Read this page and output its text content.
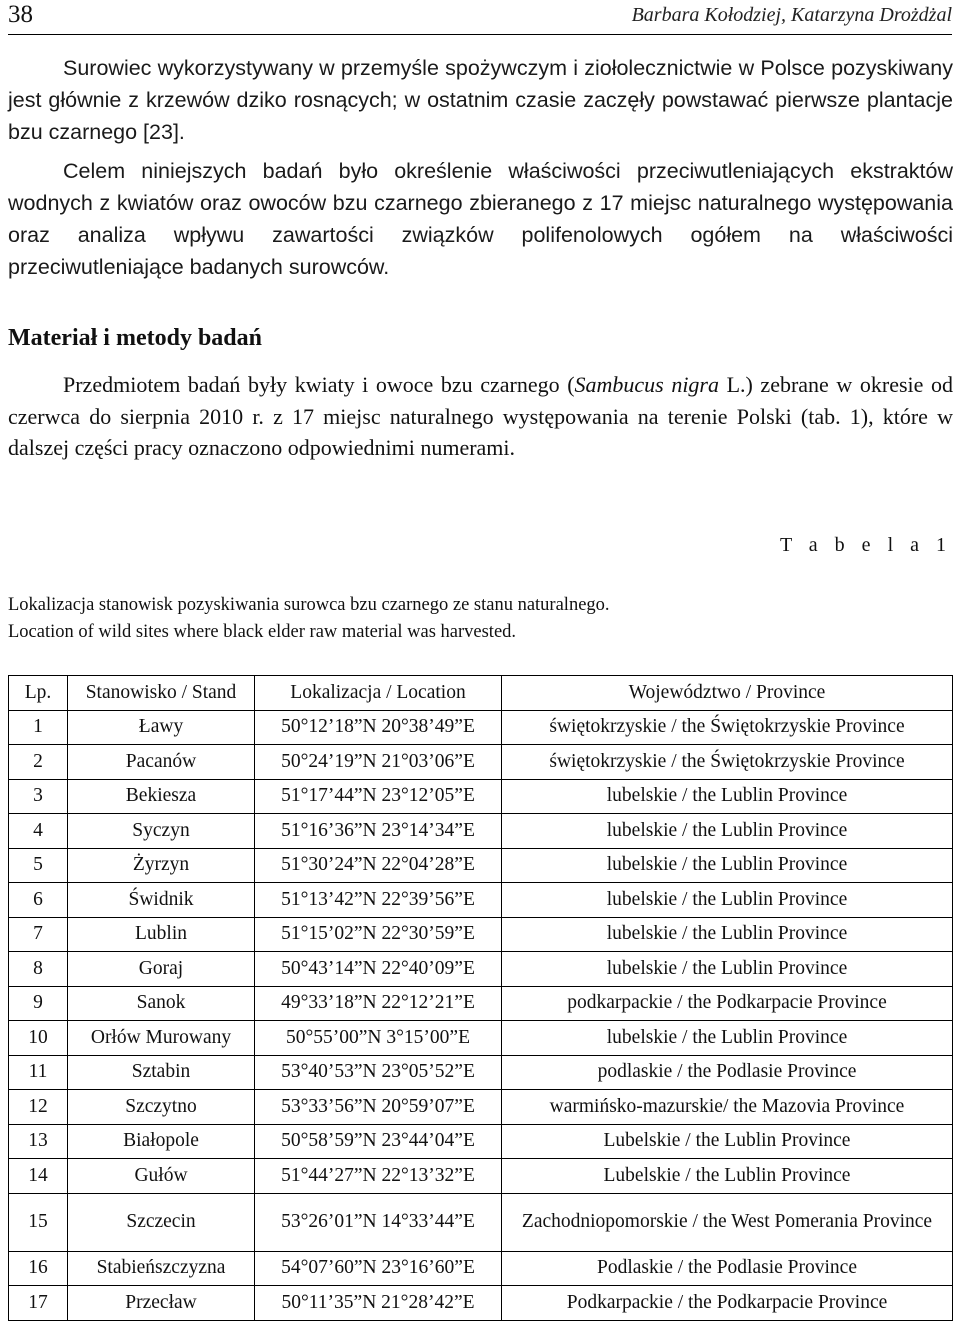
38	Barbara Kołodziej, Katarzyna Drożdżal

Surowiec wykorzystywany w przemyśle spożywczym i ziołolecznictwie w Polsce pozyskiwany jest głównie z krzewów dziko rosnących; w ostatnim czasie zaczęły powstawać pierwsze plantacje bzu czarnego [23].

Celem niniejszych badań było określenie właściwości przeciwutleniających ekstraktów wodnych z kwiatów oraz owoców bzu czarnego zbieranego z 17 miejsc naturalnego występowania oraz analiza wpływu zawartości związków polifenolowych ogółem na właściwości przeciwutleniające badanych surowców.

Materiał i metody badań

Przedmiotem badań były kwiaty i owoce bzu czarnego (Sambucus nigra L.) zebrane w okresie od czerwca do sierpnia 2010 r. z 17 miejsc naturalnego występowania na terenie Polski (tab. 1), które w dalszej części pracy oznaczono odpowiednimi numerami.

T a b e l a 1
Lokalizacja stanowisk pozyskiwania surowca bzu czarnego ze stanu naturalnego.
Location of wild sites where black elder raw material was harvested.
Lp.	Stanowisko / Stand	Lokalizacja / Location	Województwo / Province
1	Ławy	50°12’18”N 20°38’49”E	świętokrzyskie / the Świętokrzyskie Province
2	Pacanów	50°24’19”N 21°03’06”E	świętokrzyskie / the Świętokrzyskie Province
3	Bekiesza	51°17’44”N 23°12’05”E	lubelskie / the Lublin Province
4	Syczyn	51°16’36”N 23°14’34”E	lubelskie / the Lublin Province
5	Żyrzyn	51°30’24”N 22°04’28”E	lubelskie / the Lublin Province
6	Świdnik	51°13’42”N 22°39’56”E	lubelskie / the Lublin Province
7	Lublin	51°15’02”N 22°30’59”E	lubelskie / the Lublin Province
8	Goraj	50°43’14”N 22°40’09”E	lubelskie / the Lublin Province
9	Sanok	49°33’18”N 22°12’21”E	podkarpackie / the Podkarpacie Province
10	Orłów Murowany	50°55’00”N 3°15’00”E	lubelskie / the Lublin Province
11	Sztabin	53°40’53”N 23°05’52”E	podlaskie / the Podlasie Province
12	Szczytno	53°33’56”N 20°59’07”E	warmińsko-mazurskie/ the Mazovia Province
13	Białopole	50°58’59”N 23°44’04”E	Lubelskie / the Lublin Province
14	Gułów	51°44’27”N 22°13’32”E	Lubelskie / the Lublin Province
15	Szczecin	53°26’01”N 14°33’44”E	Zachodniopomorskie / the West Pomerania Province
16	Stabieńszczyzna	54°07’60”N 23°16’60”E	Podlaskie / the Podlasie Province
17	Przecław	50°11’35”N 21°28’42”E	Podkarpackie / the Podkarpacie Province
